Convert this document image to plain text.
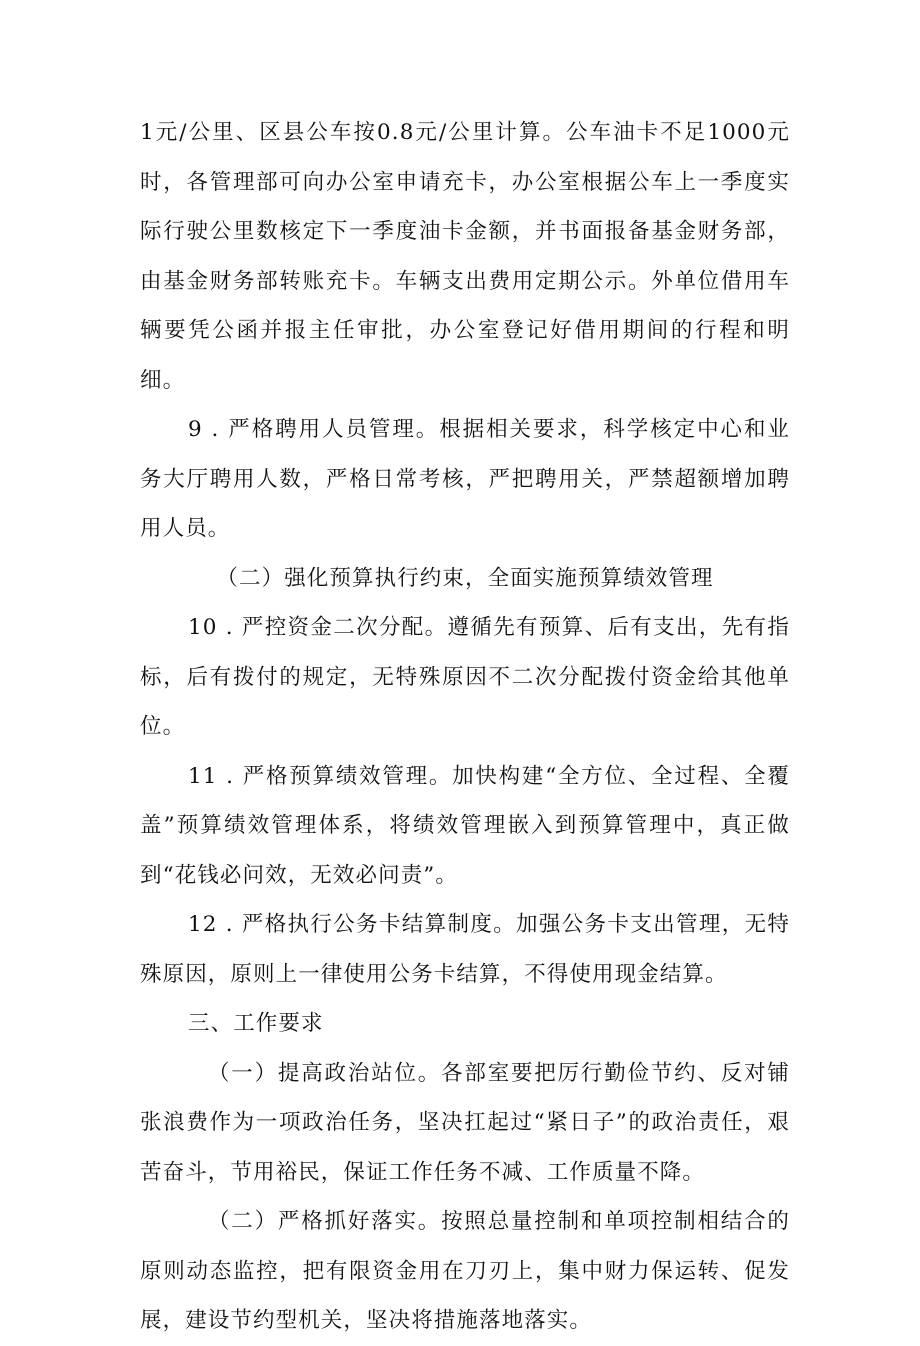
1元/公里、区县公车按0.8元/公里计算。公车油卡不足1000元时，各管理部可向办公室申请充卡，办公室根据公车上一季度实际行驶公里数核定下一季度油卡金额，并书面报备基金财务部，由基金财务部转账充卡。车辆支出费用定期公示。外单位借用车辆要凭公函并报主任审批，办公室登记好借用期间的行程和明细。

9 . 严格聘用人员管理。根据相关要求，科学核定中心和业务大厅聘用人数，严格日常考核，严把聘用关，严禁超额增加聘用人员。

（二）强化预算执行约束，全面实施预算绩效管理

10 . 严控资金二次分配。遵循先有预算、后有支出，先有指标，后有拨付的规定，无特殊原因不二次分配拨付资金给其他单位。

11 . 严格预算绩效管理。加快构建“全方位、全过程、全覆盖”预算绩效管理体系，将绩效管理嵌入到预算管理中，真正做到“花钱必问效，无效必问责”。

12 . 严格执行公务卡结算制度。加强公务卡支出管理，无特殊原因，原则上一律使用公务卡结算，不得使用现金结算。

三、工作要求

（一）提高政治站位。各部室要把厉行勤俭节约、反对铺张浪费作为一项政治任务，坚决扛起过“紧日子”的政治责任，艰苦奋斗，节用裕民，保证工作任务不减、工作质量不降。

（二）严格抓好落实。按照总量控制和单项控制相结合的原则动态监控，把有限资金用在刀刃上，集中财力保运转、促发展，建设节约型机关，坚决将措施落地落实。
